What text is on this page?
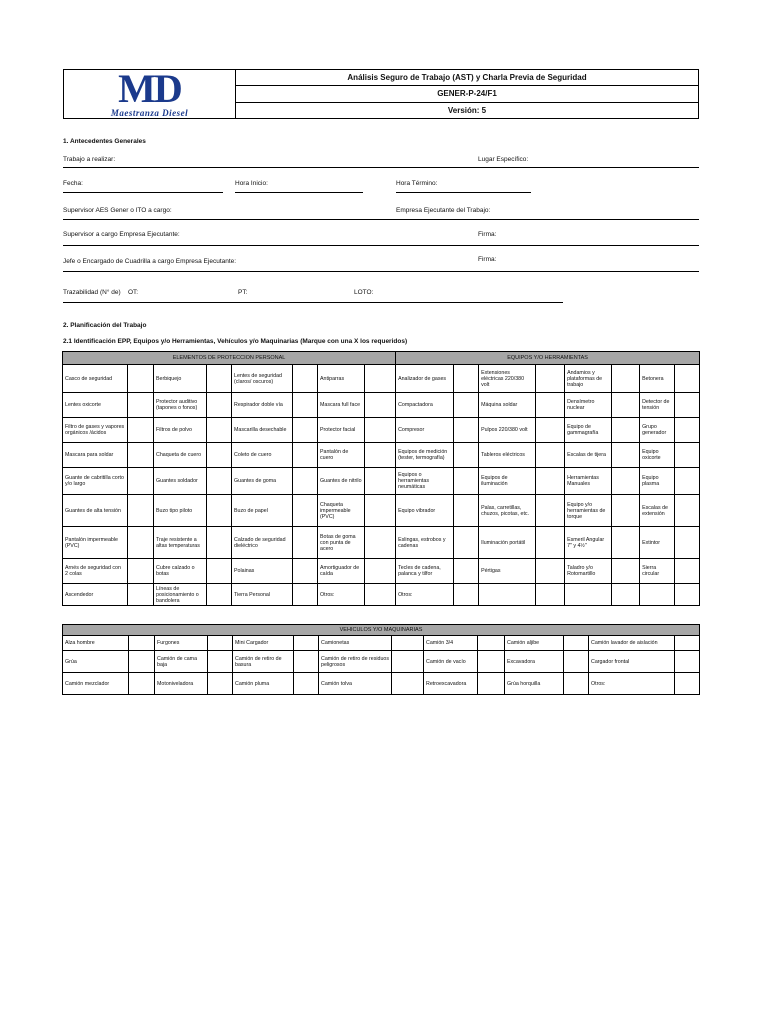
MD
Maestranza Diesel
Análisis Seguro de Trabajo (AST) y Charla Previa de Seguridad
GENER-P-24/F1
Versión: 5
1. Antecedentes Generales
Trabajo a realizar:	Lugar Específico:
Fecha:	Hora Inicio:	Hora Término:
Supervisor AES Gener o ITO a cargo:	Empresa Ejecutante del Trabajo:
Supervisor a cargo Empresa Ejecutante:	Firma:
Jefe o Encargado de Cuadrilla a cargo Empresa Ejecutante:	Firma:
Trazabilidad (N° de) OT:	PT:	LOTO:
2. Planificación del Trabajo
2.1 Identificación EPP, Equipos y/o Herramientas, Vehículos y/o Maquinarias (Marque con una X los requeridos)
ELEMENTOS DE PROTECCION PERSONAL								EQUIPOS Y/O HERRAMIENTAS							
Casco de seguridad		Berbiquejo		Lentes de seguridad (claros/ oscuros)		Antiparras		Analizador de gases		Extensiones eléctricas 220/380 volt		Andamios y plataformas de trabajo		Betonera	
Lentes oxicorte		Protector auditivo (tapones o fonos)		Respirador doble vía		Mascara full face		Compactadora		Máquina soldar		Densímetro nuclear		Detector de tensión	
Filtro de gases y vapores orgánicos /ácidos		Filtros de polvo		Mascarilla desechable		Protector facial		Compresor		Pulpos 220/380 volt		Equipo de gammagrafía		Grupo generador	
Mascara para soldar		Chaqueta de cuero		Coleto de cuero		Pantalón de cuero		Equipos de medición (tester, termografía)		Tableros eléctricos		Escalas de tijera		Equipo oxicorte	
Guante de cabritilla corto y/o largo		Guantes soldador		Guantes de goma		Guantes de nitrilo		Equipos o herramientas neumáticas		Equipos de iluminación		Herramientas Manuales		Equipo plasma	
Guantes de alta tensión		Buzo tipo piloto		Buzo de papel		Chaqueta impermeable (PVC)		Equipo vibrador		Palas, carretillas, chuzos, picotas, etc.		Equipo y/o herramientas de torque		Escalas de extensión	
Pantalón impermeable (PVC)		Traje resistente a altas temperaturas		Calzado de seguridad dieléctrico		Botas de goma con punta de acero		Eslingas, estrobos y cadenas		Iluminación portátil		Esmeril Angular 7" y 4½"		Extintor	
Arnés de seguridad con 2 colas		Cubre calzado o botas		Polainas		Amortiguador de caída		Tecles de cadena, palanca y tilfor		Pértigas		Taladro y/o Rotomartillo		Sierra circular	
Ascendedor		Líneas de posicionamiento o bandolera		Tierra Personal		Otros:		Otros:							
VEHICULOS Y/O MAQUINARIAS													
Alza hombre		Furgones		Mini Cargador		Camionetas		Camión 3/4		Camión aljibe		Camión lavador de aislación	
Grúa		Camión de cama baja		Camión de retiro de basura		Camión de retiro de residuos peligrosos		Camión de vacío		Excavadora		Cargador frontal	
Camión mezclador		Motoniveladora		Camión pluma		Camión tolva		Retroexcavadora		Grúa horquilla		Otros:	
